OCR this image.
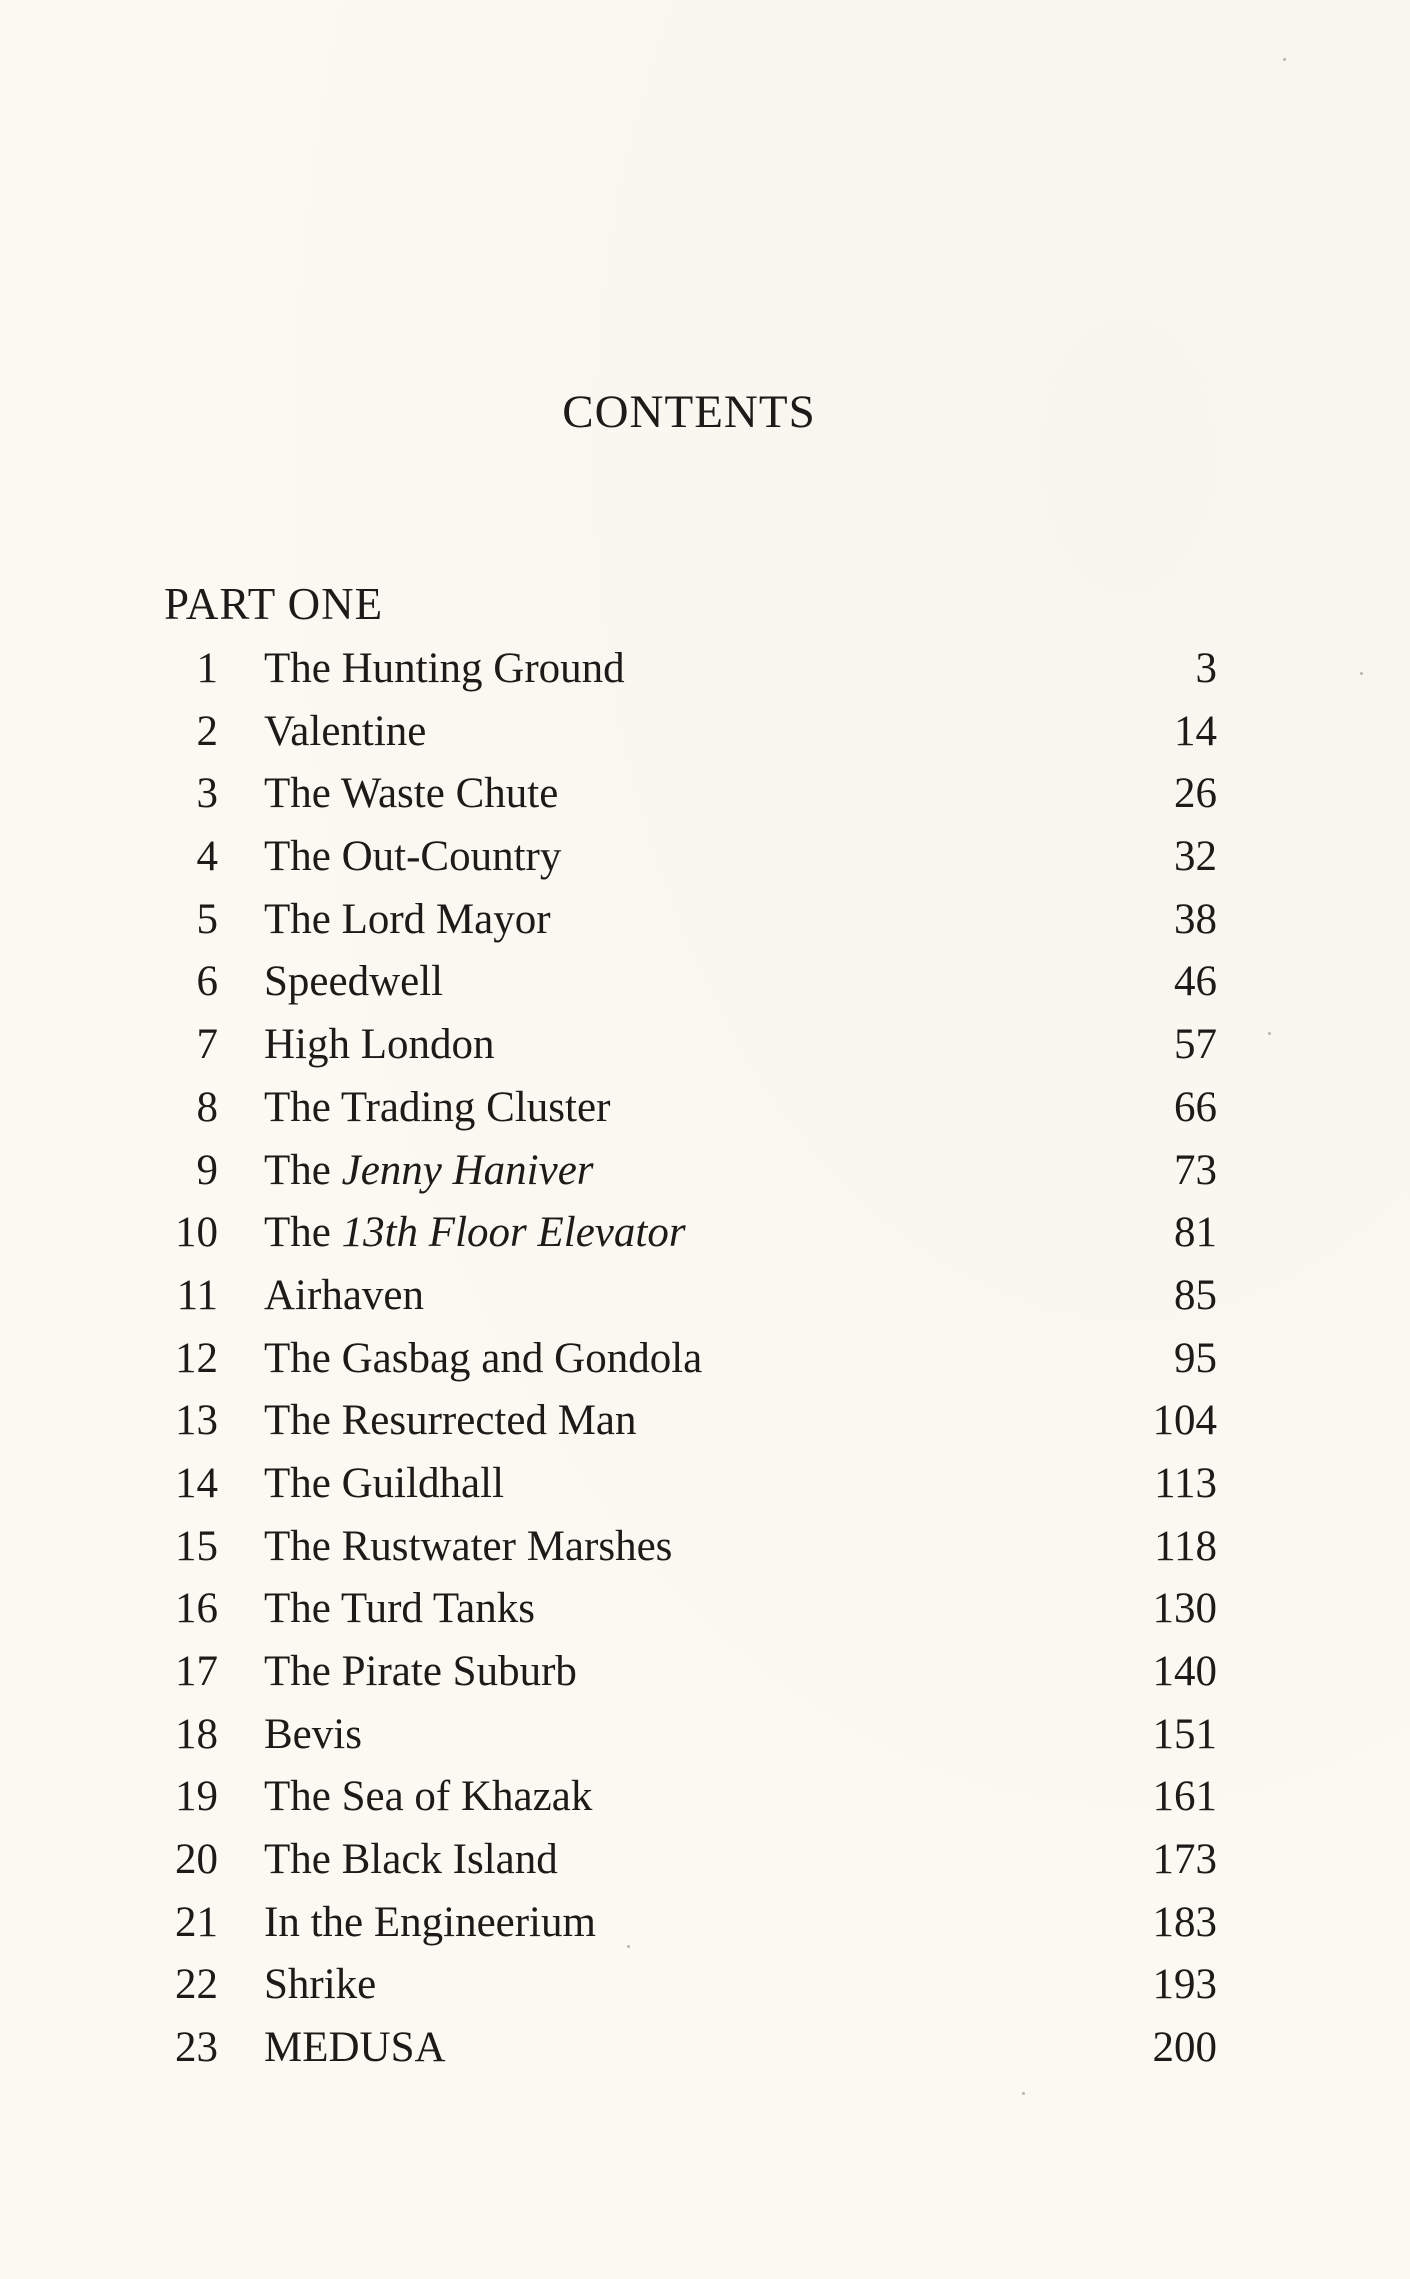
CONTENTS
PART ONE
1 The Hunting Ground	3
2 Valentine	14
3 The Waste Chute	26
4 The Out-Country	32
5 The Lord Mayor	38
6 Speedwell	46
7 High London	57
8 The Trading Cluster	66
9 The Jenny Haniver	73
10 The 13th Floor Elevator	81
11 Airhaven	85
12 The Gasbag and Gondola	95
13 The Resurrected Man	104
14 The Guildhall	113
15 The Rustwater Marshes	118
16 The Turd Tanks	130
17 The Pirate Suburb	140
18 Bevis	151
19 The Sea of Khazak	161
20 The Black Island	173
21 In the Engineerium	183
22 Shrike	193
23 MEDUSA	200
